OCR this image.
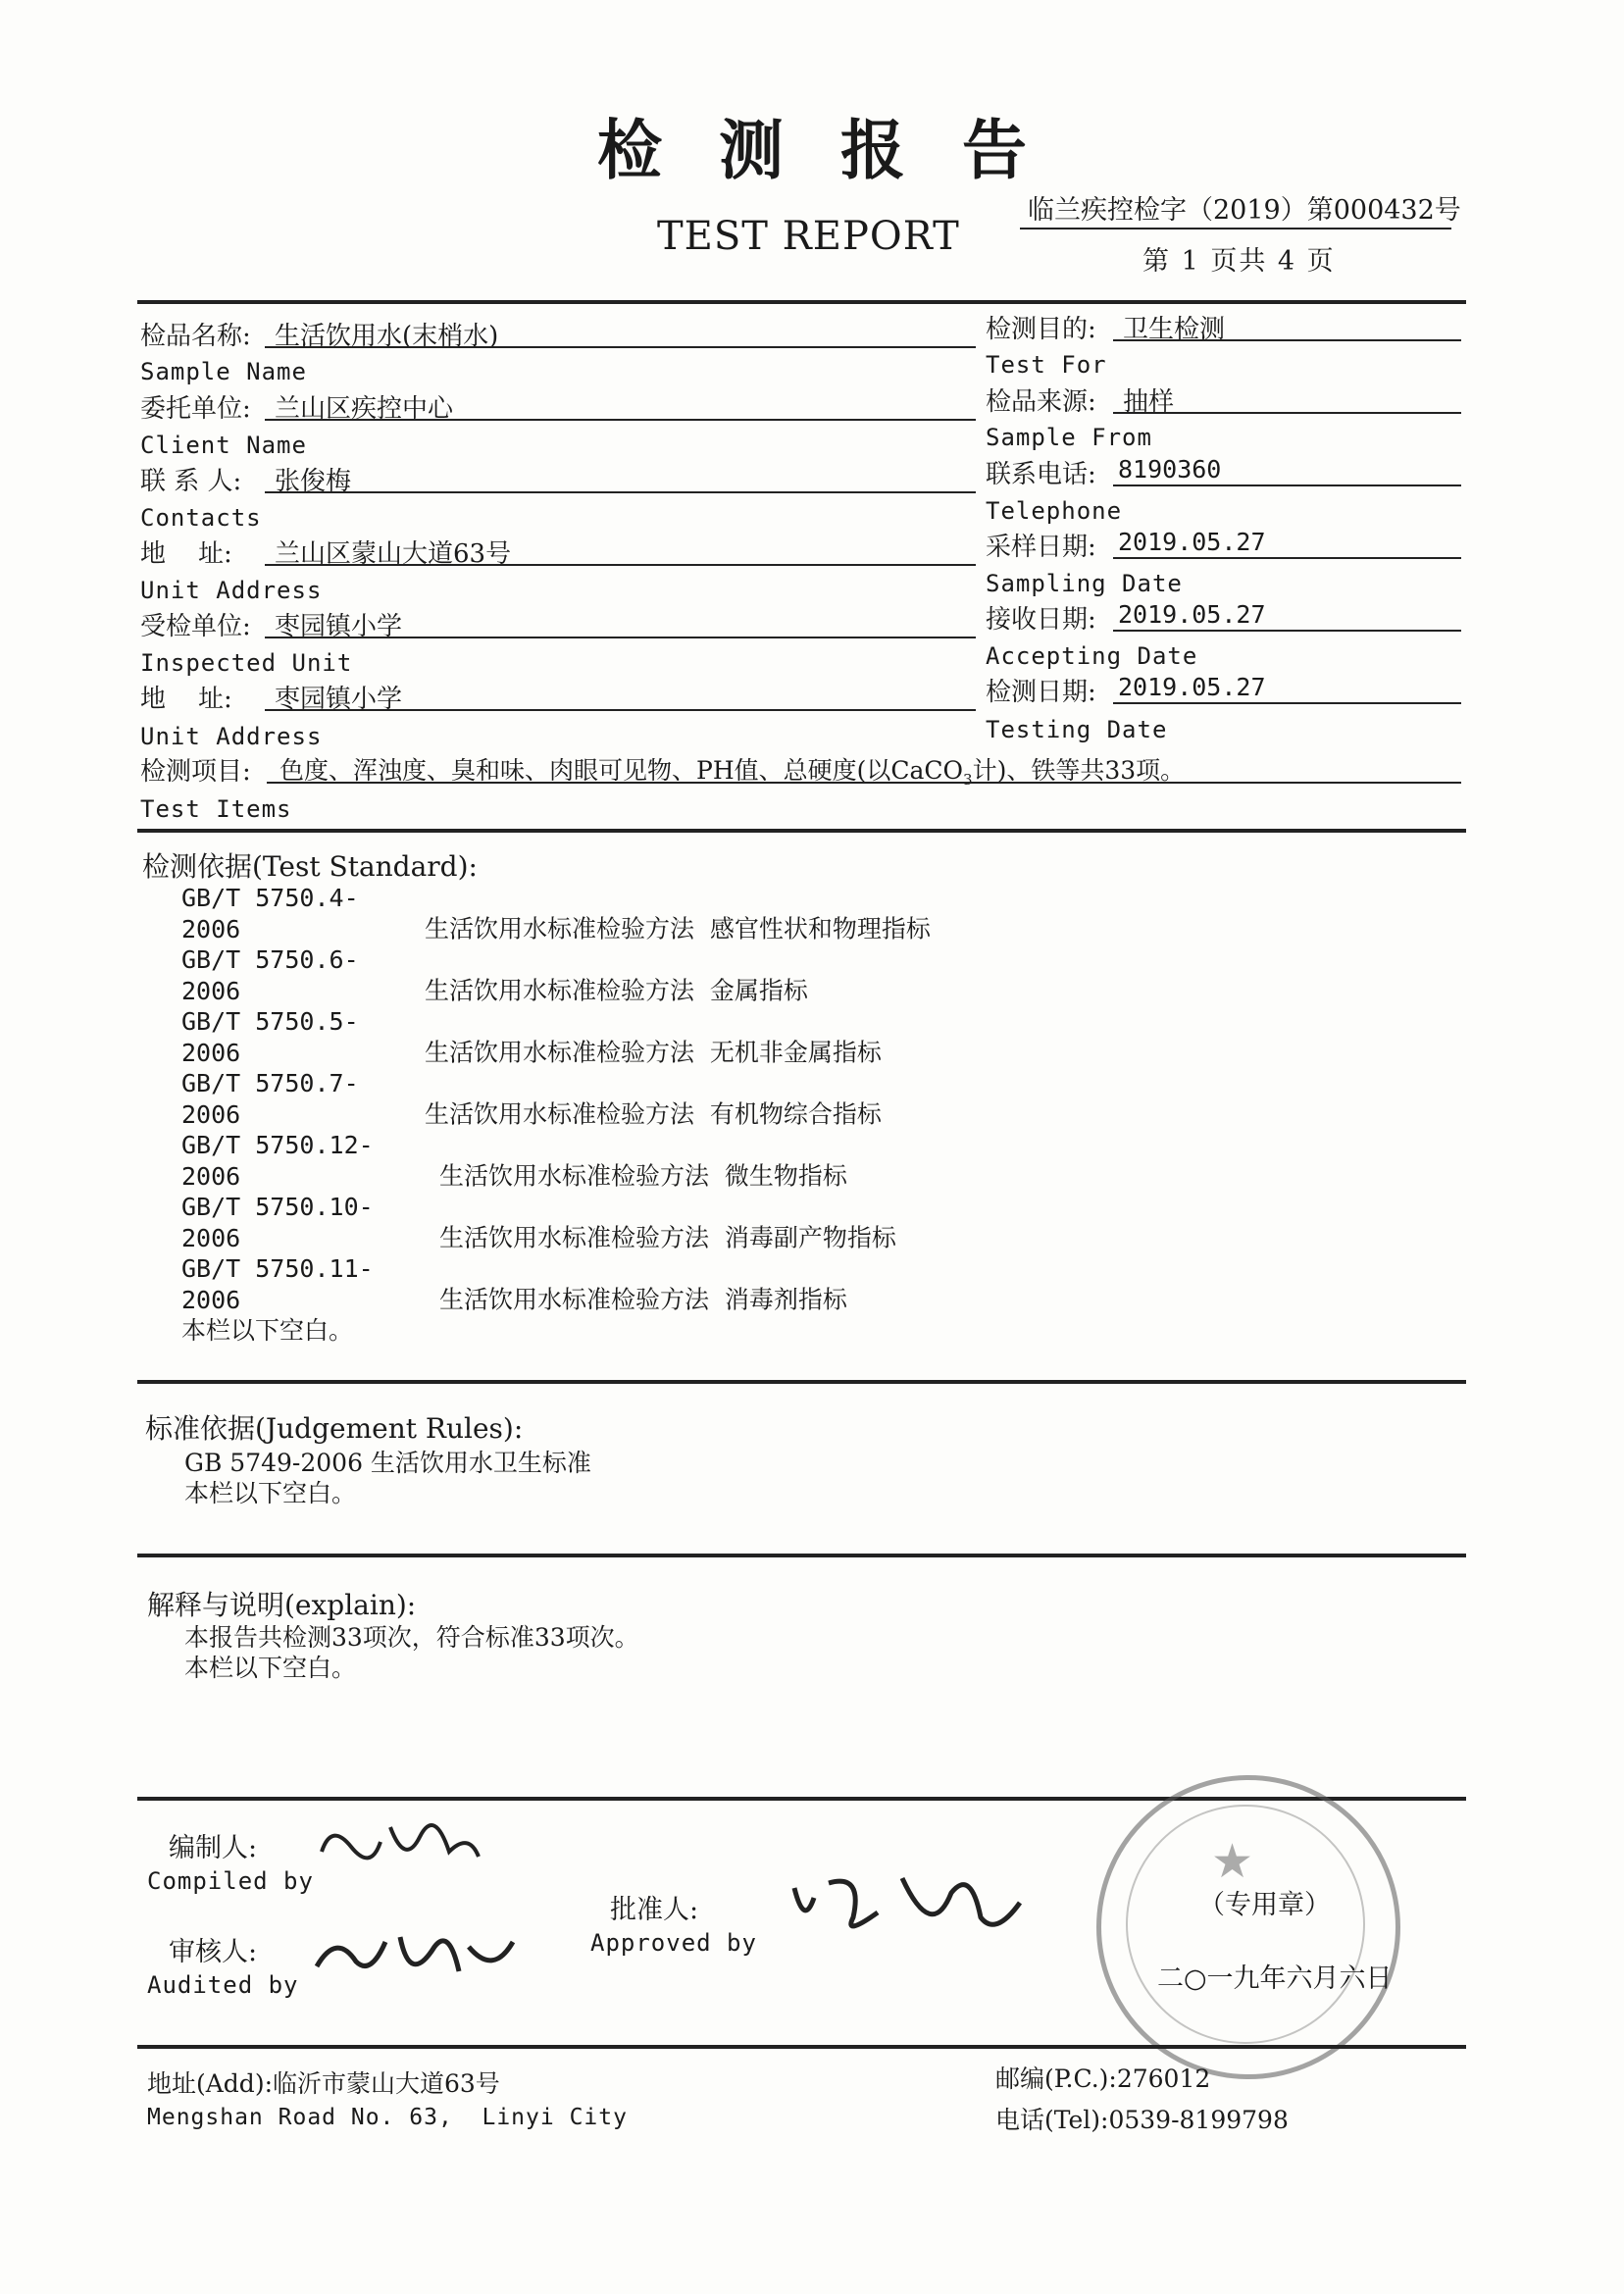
检测报告
临兰疾控检字（2019）第000432号
TEST REPORT
第 1 页共 4 页
检品名称: 生活饮用水(末梢水)
Sample Name
委托单位: 兰山区疾控中心
Client Name
联 系 人: 张俊梅
Contacts
地    址: 兰山区蒙山大道63号
Unit Address
受检单位: 枣园镇小学
Inspected Unit
地    址: 枣园镇小学
Unit Address
检测目的: 卫生检测
Test For
检品来源: 抽样
Sample From
联系电话: 8190360
Telephone
采样日期: 2019.05.27
Sampling Date
接收日期: 2019.05.27
Accepting Date
检测日期: 2019.05.27
Testing Date
检测项目: 色度、浑浊度、臭和味、肉眼可见物、PH值、总硬度(以CaCO$_3$计)、铁等共33项。
Test Items
检测依据(Test Standard):
GB/T 5750.4-2006	生活饮用水标准检验方法 感官性状和物理指标
GB/T 5750.6-2006	生活饮用水标准检验方法 金属指标
GB/T 5750.5-2006	生活饮用水标准检验方法 无机非金属指标
GB/T 5750.7-2006	生活饮用水标准检验方法 有机物综合指标
GB/T 5750.12-2006	生活饮用水标准检验方法 微生物指标
GB/T 5750.10-2006	生活饮用水标准检验方法 消毒副产物指标
GB/T 5750.11-2006	生活饮用水标准检验方法 消毒剂指标
本栏以下空白。
标准依据(Judgement Rules):
GB 5749-2006 生活饮用水卫生标准
本栏以下空白。
解释与说明(explain):
本报告共检测33项次，符合标准33项次。
本栏以下空白。
编制人:
Compiled by
审核人:
Audited by
批准人:
Approved by
★
（专用章）
二○一九年六月六日
地址(Add):临沂市蒙山大道63号
Mengshan Road No. 63,  Linyi City
邮编(P.C.):276012
电话(Tel):0539-8199798
